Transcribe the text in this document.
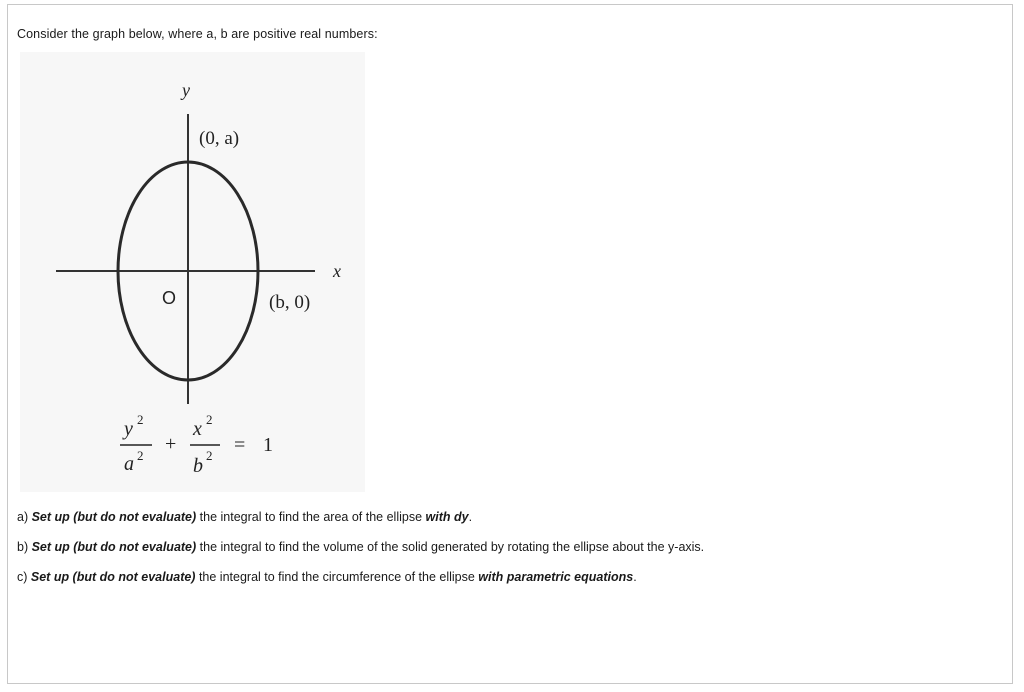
Consider the graph below, where a, b are positive real numbers:
y
x
O
(0, a)
(b, 0)
y 2
a 2
+
x 2
b 2 = 1
a) Set up (but do not evaluate) the integral to find the area of the ellipse with dy.
b) Set up (but do not evaluate) the integral to find the volume of the solid generated by rotating the ellipse about the y-axis.
c) Set up (but do not evaluate) the integral to find the circumference of the ellipse with parametric equations.
